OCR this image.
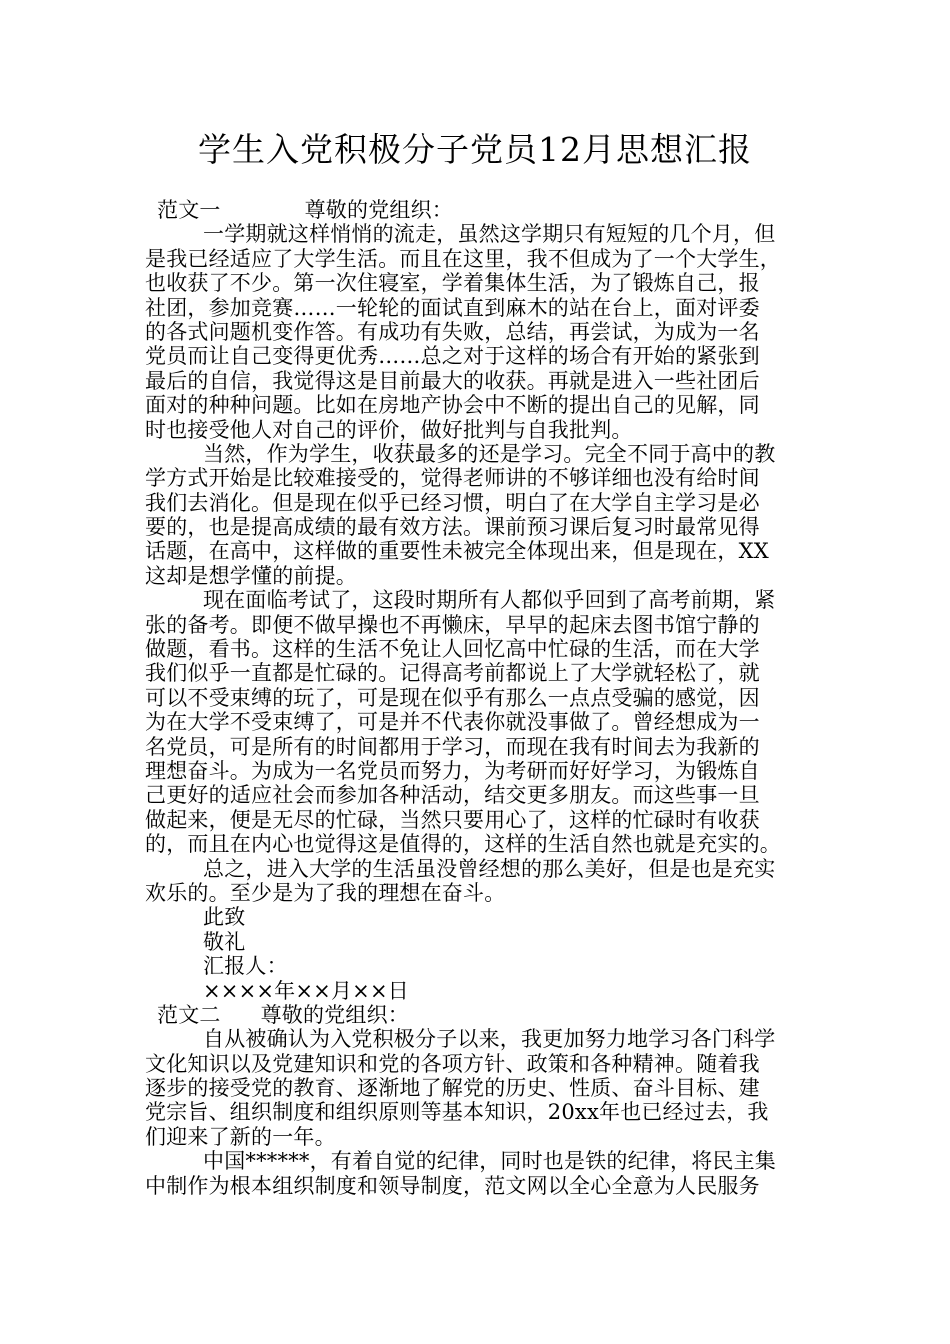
学生入党积极分子党员12月思想汇报
范文一	尊敬的党组织：
一学期就这样悄悄的流走，虽然这学期只有短短的几个月，但
是我已经适应了大学生活。而且在这里，我不但成为了一个大学生，
也收获了不少。第一次住寝室，学着集体生活，为了锻炼自己，报
社团，参加竞赛……一轮轮的面试直到麻木的站在台上，面对评委
的各式问题机变作答。有成功有失败，总结，再尝试，为成为一名
党员而让自己变得更优秀……总之对于这样的场合有开始的紧张到
最后的自信，我觉得这是目前最大的收获。再就是进入一些社团后
面对的种种问题。比如在房地产协会中不断的提出自己的见解，同
时也接受他人对自己的评价，做好批判与自我批判。
当然，作为学生，收获最多的还是学习。完全不同于高中的教
学方式开始是比较难接受的，觉得老师讲的不够详细也没有给时间
我们去消化。但是现在似乎已经习惯，明白了在大学自主学习是必
要的，也是提高成绩的最有效方法。课前预习课后复习时最常见得
话题，在高中，这样做的重要性未被完全体现出来，但是现在，XX
这却是想学懂的前提。
现在面临考试了，这段时期所有人都似乎回到了高考前期，紧
张的备考。即便不做早操也不再懒床，早早的起床去图书馆宁静的
做题，看书。这样的生活不免让人回忆高中忙碌的生活，而在大学
我们似乎一直都是忙碌的。记得高考前都说上了大学就轻松了，就
可以不受束缚的玩了，可是现在似乎有那么一点点受骗的感觉，因
为在大学不受束缚了，可是并不代表你就没事做了。曾经想成为一
名党员，可是所有的时间都用于学习，而现在我有时间去为我新的
理想奋斗。为成为一名党员而努力，为考研而好好学习，为锻炼自
己更好的适应社会而参加各种活动，结交更多朋友。而这些事一旦
做起来，便是无尽的忙碌，当然只要用心了，这样的忙碌时有收获
的，而且在内心也觉得这是值得的，这样的生活自然也就是充实的。
总之，进入大学的生活虽没曾经想的那么美好，但是也是充实
欢乐的。至少是为了我的理想在奋斗。
此致
敬礼
汇报人：
××××年××月××日
范文二 尊敬的党组织：
自从被确认为入党积极分子以来，我更加努力地学习各门科学
文化知识以及党建知识和党的各项方针、政策和各种精神。随着我
逐步的接受党的教育、逐渐地了解党的历史、性质、奋斗目标、建
党宗旨、组织制度和组织原则等基本知识，20xx年也已经过去，我
们迎来了新的一年。
中国******，有着自觉的纪律，同时也是铁的纪律，将民主集
中制作为根本组织制度和领导制度，范文网以全心全意为人民服务
